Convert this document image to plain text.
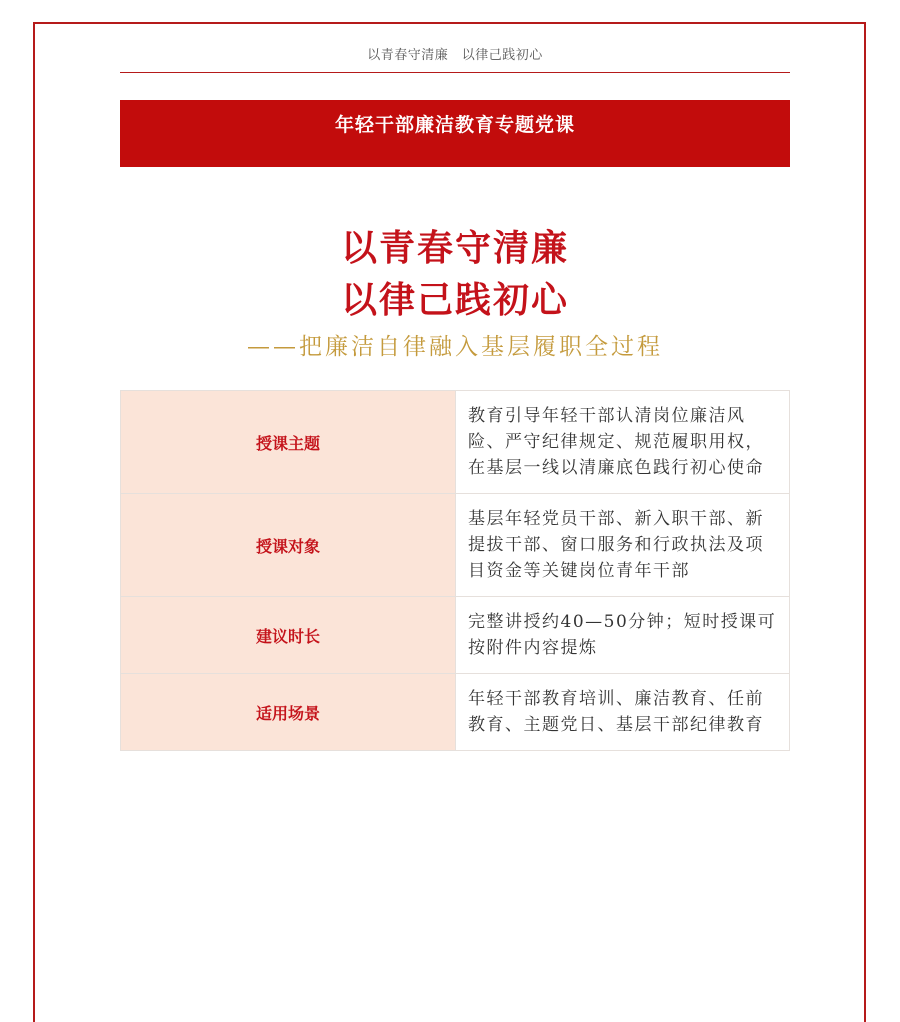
以青春守清廉　以律己践初心
年轻干部廉洁教育专题党课
以青春守清廉
以律己践初心
——把廉洁自律融入基层履职全过程
授课主题	教育引导年轻干部认清岗位廉洁风险、严守纪律规定、规范履职用权，在基层一线以清廉底色践行初心使命
授课对象	基层年轻党员干部、新入职干部、新提拔干部、窗口服务和行政执法及项目资金等关键岗位青年干部
建议时长	完整讲授约40—50分钟；短时授课可按附件内容提炼
适用场景	年轻干部教育培训、廉洁教育、任前教育、主题党日、基层干部纪律教育
